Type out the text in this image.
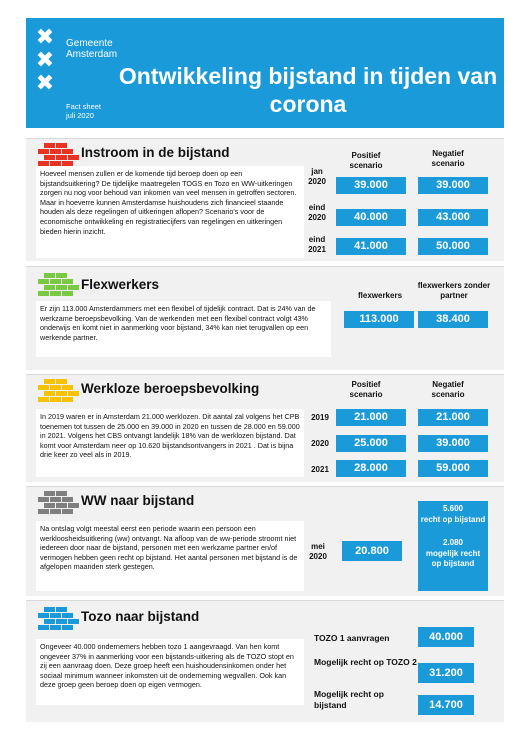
✖
✖
✖
Gemeente
Amsterdam
Fact sheet
juli 2020
Ontwikkeling bijstand in tijden van corona
Instroom in de bijstand
Hoeveel mensen zullen er de komende tijd beroep doen op een bijstandsuitkering? De tijdelijke maatregelen TOGS en Tozo en WW-uitkeringen zorgen nu nog voor behoud van inkomen van veel mensen in getroffen sectoren. Maar in hoeverre kunnen Amsterdamse huishoudens zich financieel staande houden als deze regelingen of uitkeringen aflopen? Scenario's voor de economische ontwikkeling en registratiecijfers van regelingen en uitkeringen bieden hierin inzicht.
Positief scenario
Negatief scenario
jan
2020	39.000	39.000
eind
2020	40.000	43.000
eind
2021	41.000	50.000
Flexwerkers
Er zijn 113.000 Amsterdammers met een flexibel of tijdelijk contract. Dat is 24% van de werkzame beroepsbevolking. Van de werkenden met een flexibel contract volgt 43% onderwijs en komt niet in aanmerking voor bijstand, 34% kan niet terugvallen op een werkende partner.
flexwerkers
flexwerkers zonder partner
113.000	38.400
Werkloze beroepsbevolking
In 2019 waren er in Amsterdam 21.000 werklozen. Dit aantal zal volgens het CPB toenemen tot tussen de 25.000 en 39.000 in 2020 en tussen de 28.000 en 59.000 in 2021. Volgens het CBS ontvangt landelijk 18% van de werklozen bijstand. Dat komt voor Amsterdam neer op 10.620 bijstandsontvangers in 2021 . Dat is bijna drie keer zo veel als in 2019.
Positief scenario
Negatief scenario
2019	21.000	21.000
2020	25.000	39.000
2021	28.000	59.000
WW naar bijstand
Na ontslag volgt meestal eerst een periode waarin een persoon een werkloosheidsuitkering (ww) ontvangt. Na afloop van de ww-periode stroomt niet iedereen door naar de bijstand, personen met een werkzame partner en/of vermogen hebben geen recht op bijstand. Het aantal personen met bijstand is de afgelopen maanden sterk gestegen.
mei
2020	20.800
5.600
recht op bijstand
2.080
mogelijk recht op bijstand
Tozo naar bijstand
Ongeveer 40.000 ondernemers hebben tozo 1 aangevraagd. Van hen komt ongeveer 37% in aanmerking voor een bijstands-uitkering als de TOZO stopt en zij een aanvraag doen. Deze groep heeft een huishoudensinkomen onder het sociaal minimum wanneer inkomsten uit de onderneming wegvallen. Ook kan deze groep geen beroep doen op eigen vermogen.
TOZO 1 aanvragen	40.000
Mogelijk recht op TOZO 2
31.200
Mogelijk recht op bijstand	14.700
